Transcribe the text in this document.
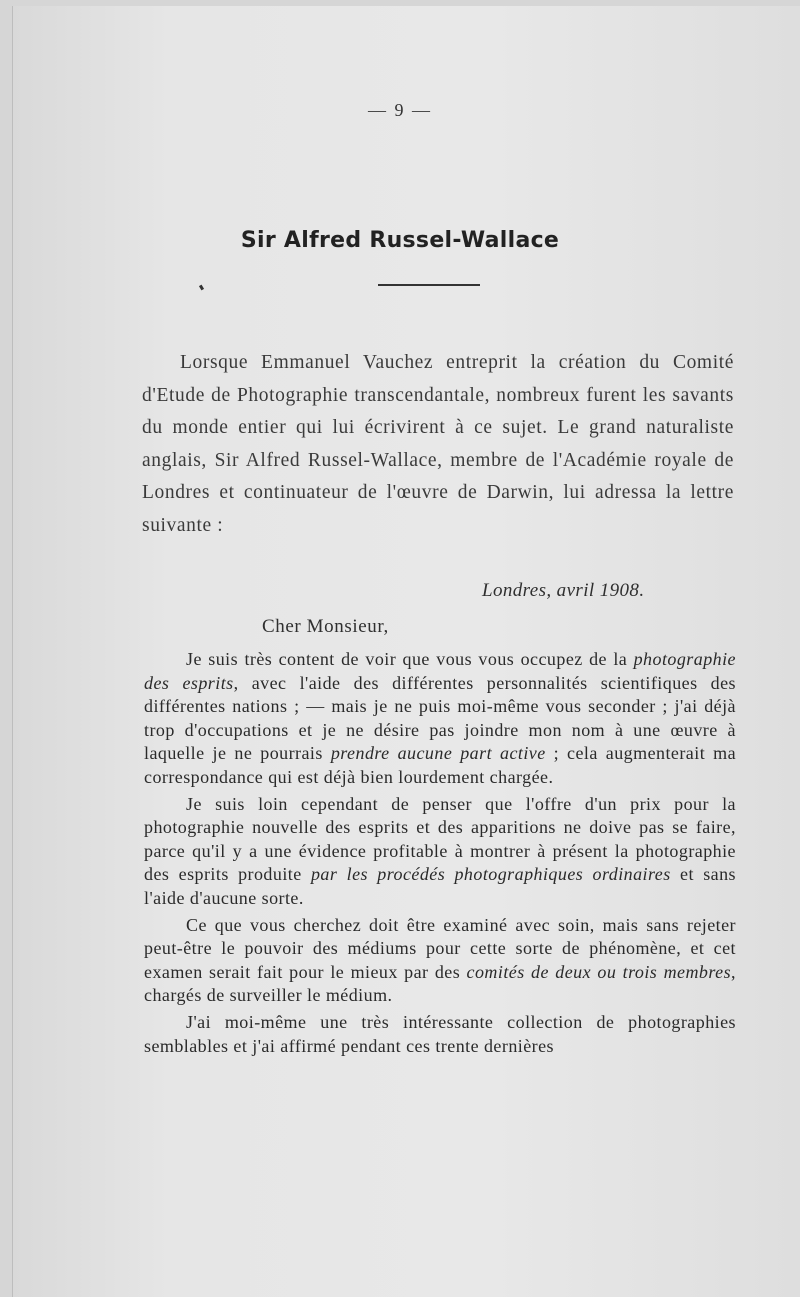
— 9 —
Sir Alfred Russel-Wallace

Lorsque Emmanuel Vauchez entreprit la création du Comité d'Etude de Photographie transcendantale, nombreux furent les savants du monde entier qui lui écrivirent à ce sujet. Le grand naturaliste anglais, Sir Alfred Russel-Wallace, membre de l'Académie royale de Londres et continuateur de l'œuvre de Darwin, lui adressa la lettre suivante :

Londres, avril 1908.
Cher Monsieur,

Je suis très content de voir que vous vous occupez de la photographie des esprits, avec l'aide des différentes personnalités scientifiques des différentes nations ; — mais je ne puis moi-même vous seconder ; j'ai déjà trop d'occupations et je ne désire pas joindre mon nom à une œuvre à laquelle je ne pourrais prendre aucune part active ; cela augmenterait ma correspondance qui est déjà bien lourdement chargée.

Je suis loin cependant de penser que l'offre d'un prix pour la photographie nouvelle des esprits et des apparitions ne doive pas se faire, parce qu'il y a une évidence profitable à montrer à présent la photographie des esprits produite par les procédés photographiques ordinaires et sans l'aide d'aucune sorte.

Ce que vous cherchez doit être examiné avec soin, mais sans rejeter peut-être le pouvoir des médiums pour cette sorte de phénomène, et cet examen serait fait pour le mieux par des comités de deux ou trois membres, chargés de surveiller le médium.

J'ai moi-même une très intéressante collection de photographies semblables et j'ai affirmé pendant ces trente dernières
